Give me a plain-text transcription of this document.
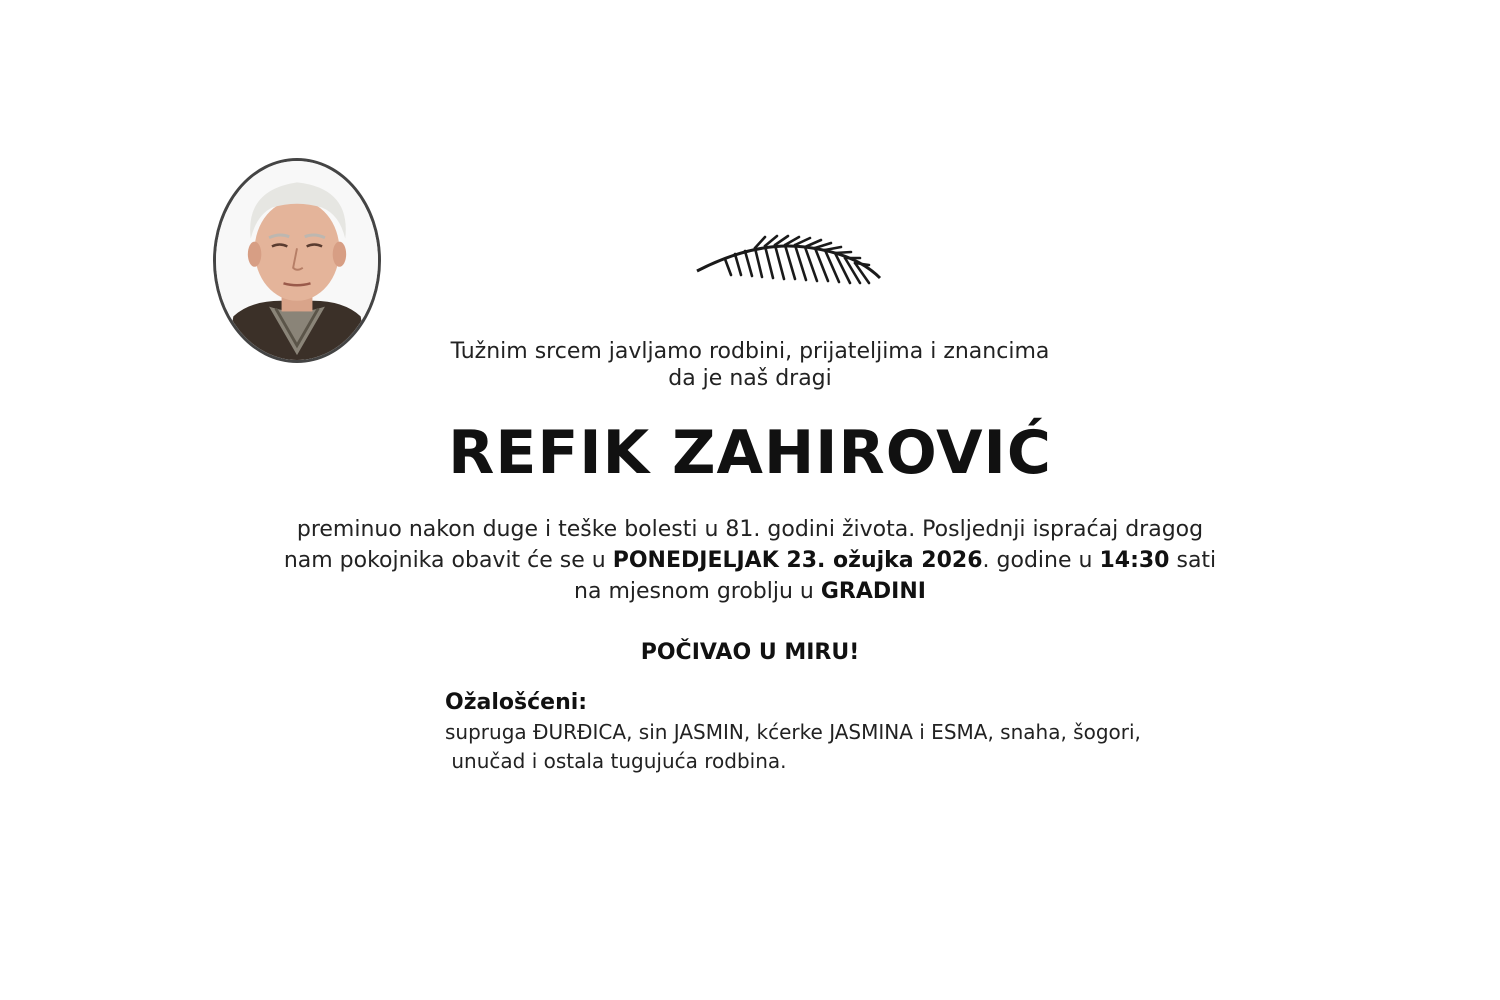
Tužnim srcem javljamo rodbini, prijateljima i znancima
da je naš dragi
REFIK ZAHIROVIĆ
preminuo nakon duge i teške bolesti u 81. godini života. Posljednji ispraćaj dragog
nam pokojnika obavit će se u PONEDJELJAK 23. ožujka 2026. godine u 14:30 sati
na mjesnom groblju u GRADINI
POČIVAO U MIRU!
Ožalošćeni:
supruga ĐURĐICA, sin JASMIN, kćerke JASMINA i ESMA, snaha, šogori,
unučad i ostala tugujuća rodbina.
